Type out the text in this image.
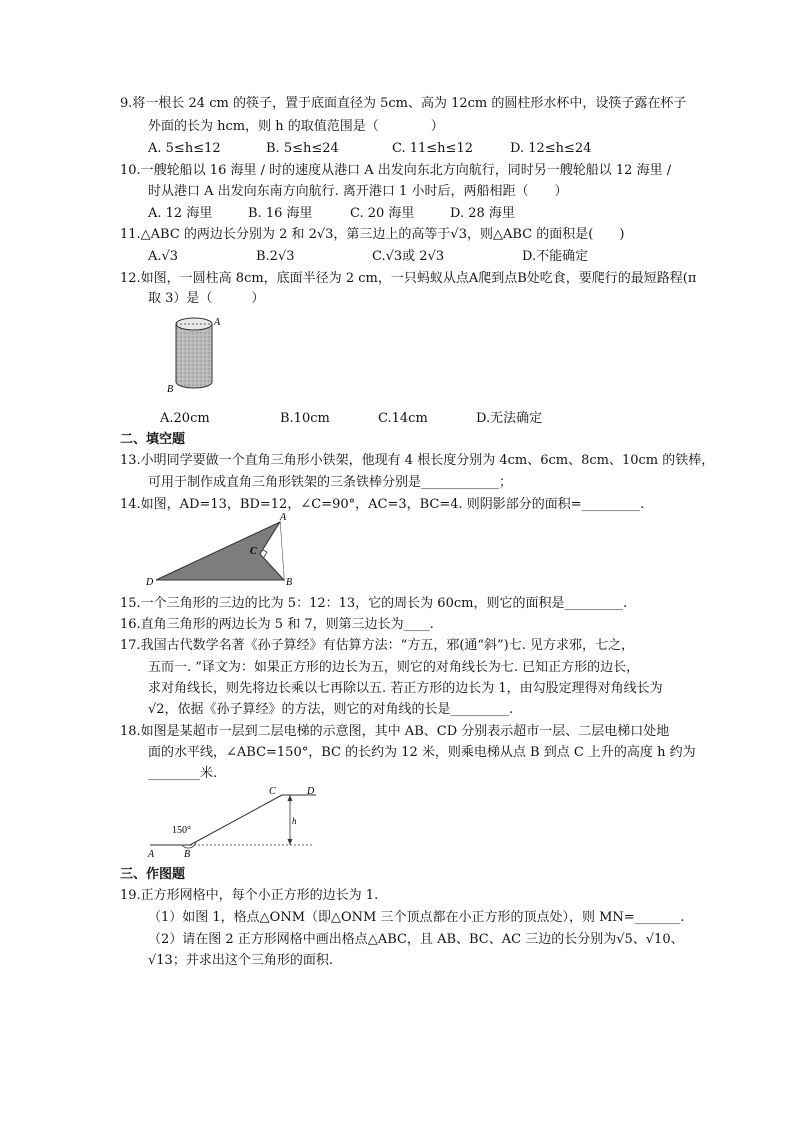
9.将一根长 24 cm 的筷子，置于底面直径为 5cm、高为 12cm 的圆柱形水杯中，设筷子露在杯子
外面的长为 hcm，则 h 的取值范围是（　　　　）
A. 5≤h≤12	B. 5≤h≤24	C. 11≤h≤12	D. 12≤h≤24
10.一艘轮船以 16 海里 / 时的速度从港口 A 出发向东北方向航行，同时另一艘轮船以 12 海里 /
时从港口 A 出发向东南方向航行. 离开港口 1 小时后，两船相距（　　）
A. 12 海里	B. 16 海里	C. 20 海里	D. 28 海里
11.△ABC 的两边长分别为 2 和 2√3，第三边上的高等于√3，则△ABC 的面积是(　　)
A.√3	B.2√3	C.√3或 2√3	D.不能确定
12.如图，一圆柱高 8cm，底面半径为 2 cm，一只蚂蚁从点A爬到点B处吃食，要爬行的最短路程(π
取 3）是（　　　）
A
B
A.20cm	B.10cm	C.14cm	D.无法确定
二、填空题
13.小明同学要做一个直角三角形小铁架，他现有 4 根长度分别为 4cm、6cm、8cm、10cm 的铁棒，
可用于制作成直角三角形铁架的三条铁棒分别是____________；
14.如图，AD=13，BD=12，∠C=90°，AC=3，BC=4. 则阴影部分的面积=_________.
A
B
C
D
15.一个三角形的三边的比为 5：12：13，它的周长为 60cm，则它的面积是_________.
16.直角三角形的两边长为 5 和 7，则第三边长为____.
17.我国古代数学名著《孙子算经》有估算方法：“方五，邪(通“斜”)七. 见方求邪，七之，
五而一. ”译文为：如果正方形的边长为五，则它的对角线长为七. 已知正方形的边长，
求对角线长，则先将边长乘以七再除以五. 若正方形的边长为 1，由勾股定理得对角线长为
√2，依据《孙子算经》的方法，则它的对角线的长是_________.
18.如图是某超市一层到二层电梯的示意图，其中 AB、CD 分别表示超市一层、二层电梯口处地
面的水平线，∠ABC=150°，BC 的长约为 12 米，则乘电梯从点 B 到点 C 上升的高度 h 约为
________米.
150°
h
A	B
C	D
三、作图题
19.正方形网格中，每个小正方形的边长为 1.
（1）如图 1，格点△ONM（即△ONM 三个顶点都在小正方形的顶点处），则 MN=_______.
（2）请在图 2 正方形网格中画出格点△ABC，且 AB、BC、AC 三边的长分别为√5、√10、
√13；并求出这个三角形的面积.
